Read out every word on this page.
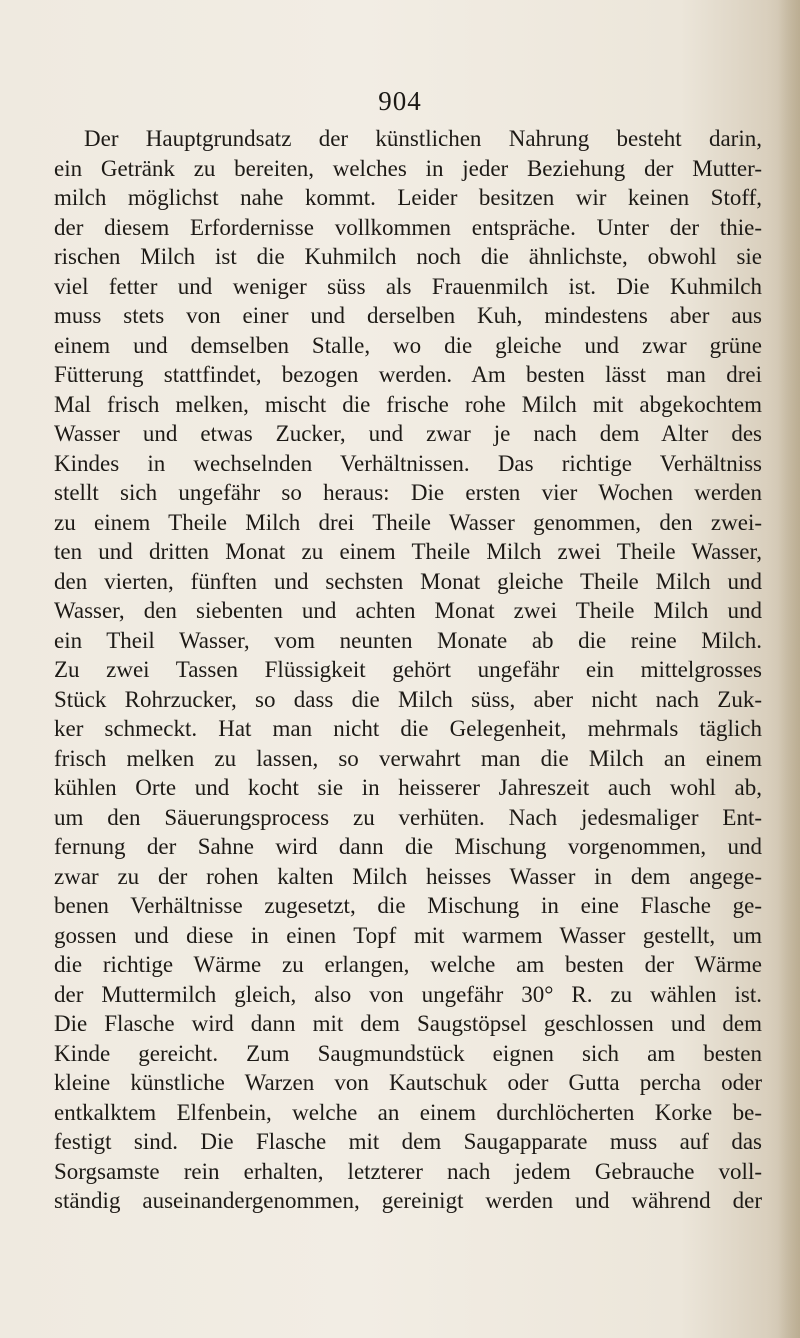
904
Der Hauptgrundsatz der künstlichen Nahrung besteht darin,
ein Getränk zu bereiten, welches in jeder Beziehung der Mutter-
milch möglichst nahe kommt. Leider besitzen wir keinen Stoff,
der diesem Erfordernisse vollkommen entspräche. Unter der thie-
rischen Milch ist die Kuhmilch noch die ähnlichste, obwohl sie
viel fetter und weniger süss als Frauenmilch ist. Die Kuhmilch
muss stets von einer und derselben Kuh, mindestens aber aus
einem und demselben Stalle, wo die gleiche und zwar grüne
Fütterung stattfindet, bezogen werden. Am besten lässt man drei
Mal frisch melken, mischt die frische rohe Milch mit abgekochtem
Wasser und etwas Zucker, und zwar je nach dem Alter des
Kindes in wechselnden Verhältnissen. Das richtige Verhältniss
stellt sich ungefähr so heraus: Die ersten vier Wochen werden
zu einem Theile Milch drei Theile Wasser genommen, den zwei-
ten und dritten Monat zu einem Theile Milch zwei Theile Wasser,
den vierten, fünften und sechsten Monat gleiche Theile Milch und
Wasser, den siebenten und achten Monat zwei Theile Milch und
ein Theil Wasser, vom neunten Monate ab die reine Milch.
Zu zwei Tassen Flüssigkeit gehört ungefähr ein mittelgrosses
Stück Rohrzucker, so dass die Milch süss, aber nicht nach Zuk-
ker schmeckt. Hat man nicht die Gelegenheit, mehrmals täglich
frisch melken zu lassen, so verwahrt man die Milch an einem
kühlen Orte und kocht sie in heisserer Jahreszeit auch wohl ab,
um den Säuerungsprocess zu verhüten. Nach jedesmaliger Ent-
fernung der Sahne wird dann die Mischung vorgenommen, und
zwar zu der rohen kalten Milch heisses Wasser in dem angege-
benen Verhältnisse zugesetzt, die Mischung in eine Flasche ge-
gossen und diese in einen Topf mit warmem Wasser gestellt, um
die richtige Wärme zu erlangen, welche am besten der Wärme
der Muttermilch gleich, also von ungefähr 30° R. zu wählen ist.
Die Flasche wird dann mit dem Saugstöpsel geschlossen und dem
Kinde gereicht. Zum Saugmundstück eignen sich am besten
kleine künstliche Warzen von Kautschuk oder Gutta percha oder
entkalktem Elfenbein, welche an einem durchlöcherten Korke be-
festigt sind. Die Flasche mit dem Saugapparate muss auf das
Sorgsamste rein erhalten, letzterer nach jedem Gebrauche voll-
ständig auseinandergenommen, gereinigt werden und während der
